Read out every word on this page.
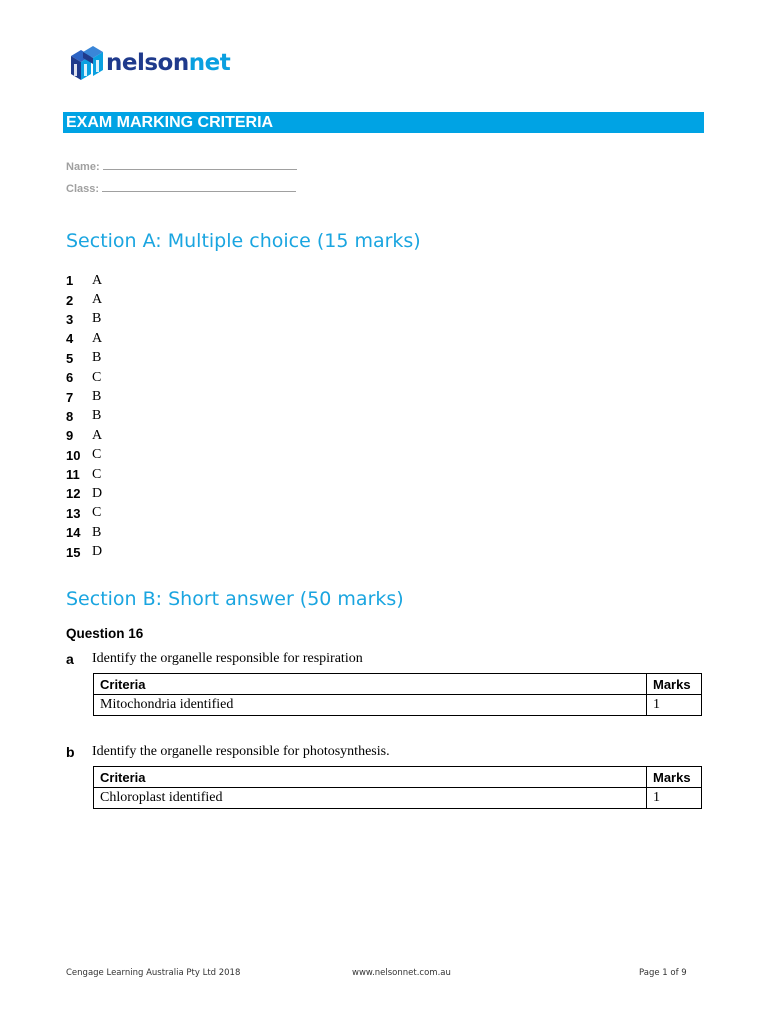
nelsonnet
EXAM MARKING CRITERIA
Name:
Class:
Section A: Multiple choice (15 marks)
1	A
2	A
3	B
4	A
5	B
6	C
7	B
8	B
9	A
10 C
11 C
12 D
13 C
14 B
15 D
Section B: Short answer (50 marks)
Question 16
a Identify the organelle responsible for respiration
Criteria	Marks
Mitochondria identified	1
b Identify the organelle responsible for photosynthesis.
Criteria	Marks
Chloroplast identified	1
Cengage Learning Australia Pty Ltd 2018	www.nelsonnet.com.au	Page 1 of 9
